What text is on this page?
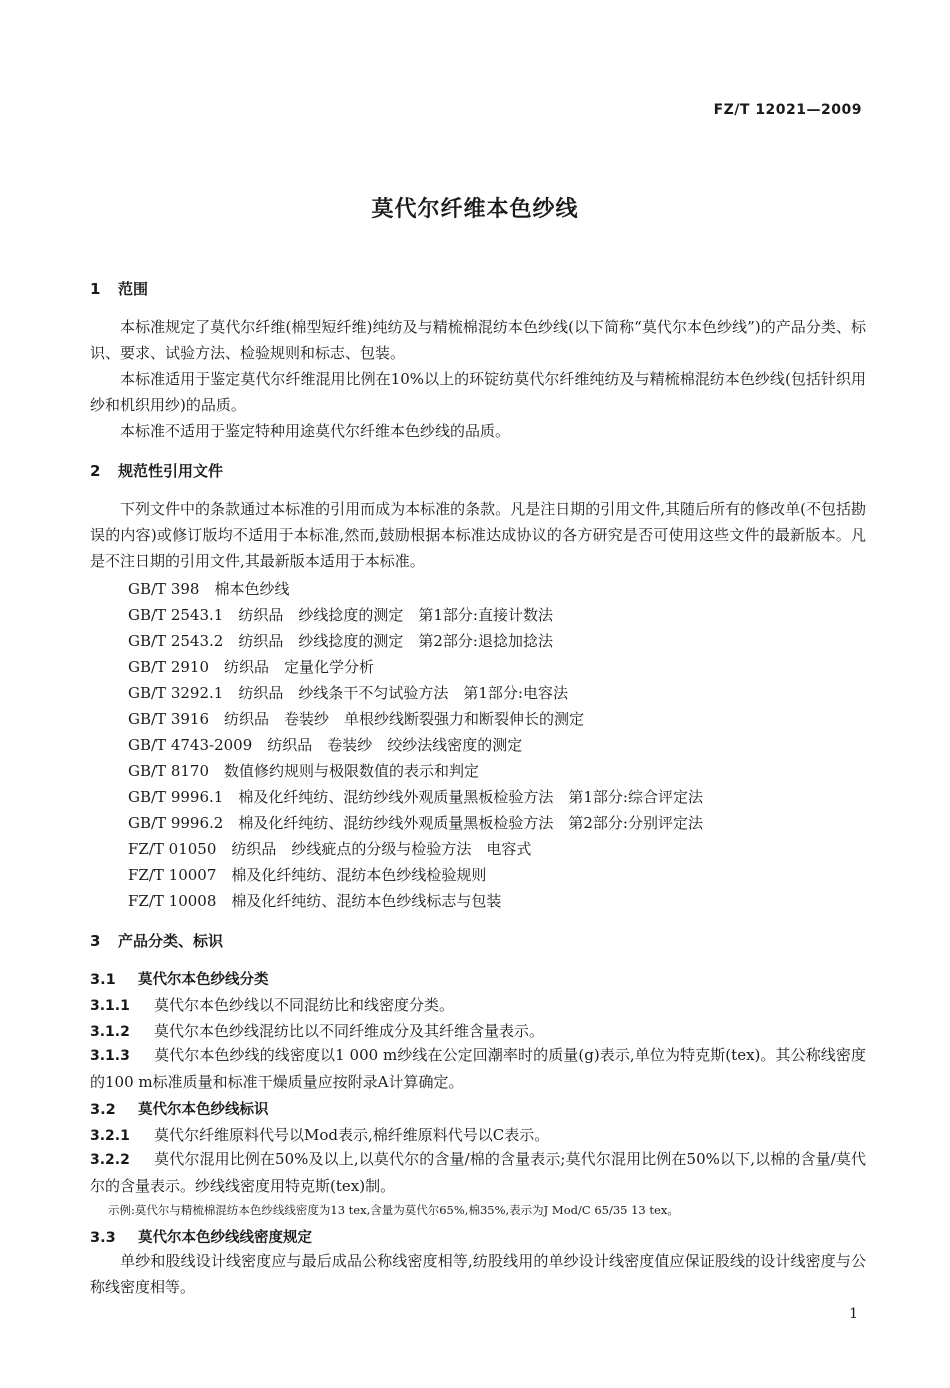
FZ/T 12021—2009
莫代尔纤维本色纱线
1 范围
本标准规定了莫代尔纤维(棉型短纤维)纯纺及与精梳棉混纺本色纱线(以下简称“莫代尔本色纱线”)的产品分类、标识、要求、试验方法、检验规则和标志、包装。
本标准适用于鉴定莫代尔纤维混用比例在10%以上的环锭纺莫代尔纤维纯纺及与精梳棉混纺本色纱线(包括针织用纱和机织用纱)的品质。
本标准不适用于鉴定特种用途莫代尔纤维本色纱线的品质。
2 规范性引用文件
下列文件中的条款通过本标准的引用而成为本标准的条款。凡是注日期的引用文件,其随后所有的修改单(不包括勘误的内容)或修订版均不适用于本标准,然而,鼓励根据本标准达成协议的各方研究是否可使用这些文件的最新版本。凡是不注日期的引用文件,其最新版本适用于本标准。
GB/T 398　 棉本色纱线
GB/T 2543.1　 纺织品　纱线捻度的测定　第1部分:直接计数法
GB/T 2543.2　 纺织品　纱线捻度的测定　第2部分:退捻加捻法
GB/T 2910　 纺织品　定量化学分析
GB/T 3292.1　 纺织品　纱线条干不匀试验方法　第1部分:电容法
GB/T 3916　 纺织品　卷装纱　单根纱线断裂强力和断裂伸长的测定
GB/T 4743-2009　 纺织品　卷装纱　绞纱法线密度的测定
GB/T 8170　 数值修约规则与极限数值的表示和判定
GB/T 9996.1　 棉及化纤纯纺、混纺纱线外观质量黑板检验方法　第1部分:综合评定法
GB/T 9996.2　 棉及化纤纯纺、混纺纱线外观质量黑板检验方法　第2部分:分别评定法
FZ/T 01050　 纺织品　纱线疵点的分级与检验方法　电容式
FZ/T 10007　 棉及化纤纯纺、混纺本色纱线检验规则
FZ/T 10008　 棉及化纤纯纺、混纺本色纱线标志与包装
3 产品分类、标识
3.1 莫代尔本色纱线分类
3.1.1 莫代尔本色纱线以不同混纺比和线密度分类。
3.1.2 莫代尔本色纱线混纺比以不同纤维成分及其纤维含量表示。
3.1.3 莫代尔本色纱线的线密度以1 000 m纱线在公定回潮率时的质量(g)表示,单位为特克斯(tex)。其公称线密度的100 m标准质量和标准干燥质量应按附录A计算确定。
3.2 莫代尔本色纱线标识
3.2.1 莫代尔纤维原料代号以Mod表示,棉纤维原料代号以C表示。
3.2.2 莫代尔混用比例在50%及以上,以莫代尔的含量/棉的含量表示;莫代尔混用比例在50%以下,以棉的含量/莫代尔的含量表示。纱线线密度用特克斯(tex)制。
示例:莫代尔与精梳棉混纺本色纱线线密度为13 tex,含量为莫代尔65%,棉35%,表示为J Mod/C 65/35 13 tex。
3.3 莫代尔本色纱线线密度规定
单纱和股线设计线密度应与最后成品公称线密度相等,纺股线用的单纱设计线密度值应保证股线的设计线密度与公称线密度相等。
1
